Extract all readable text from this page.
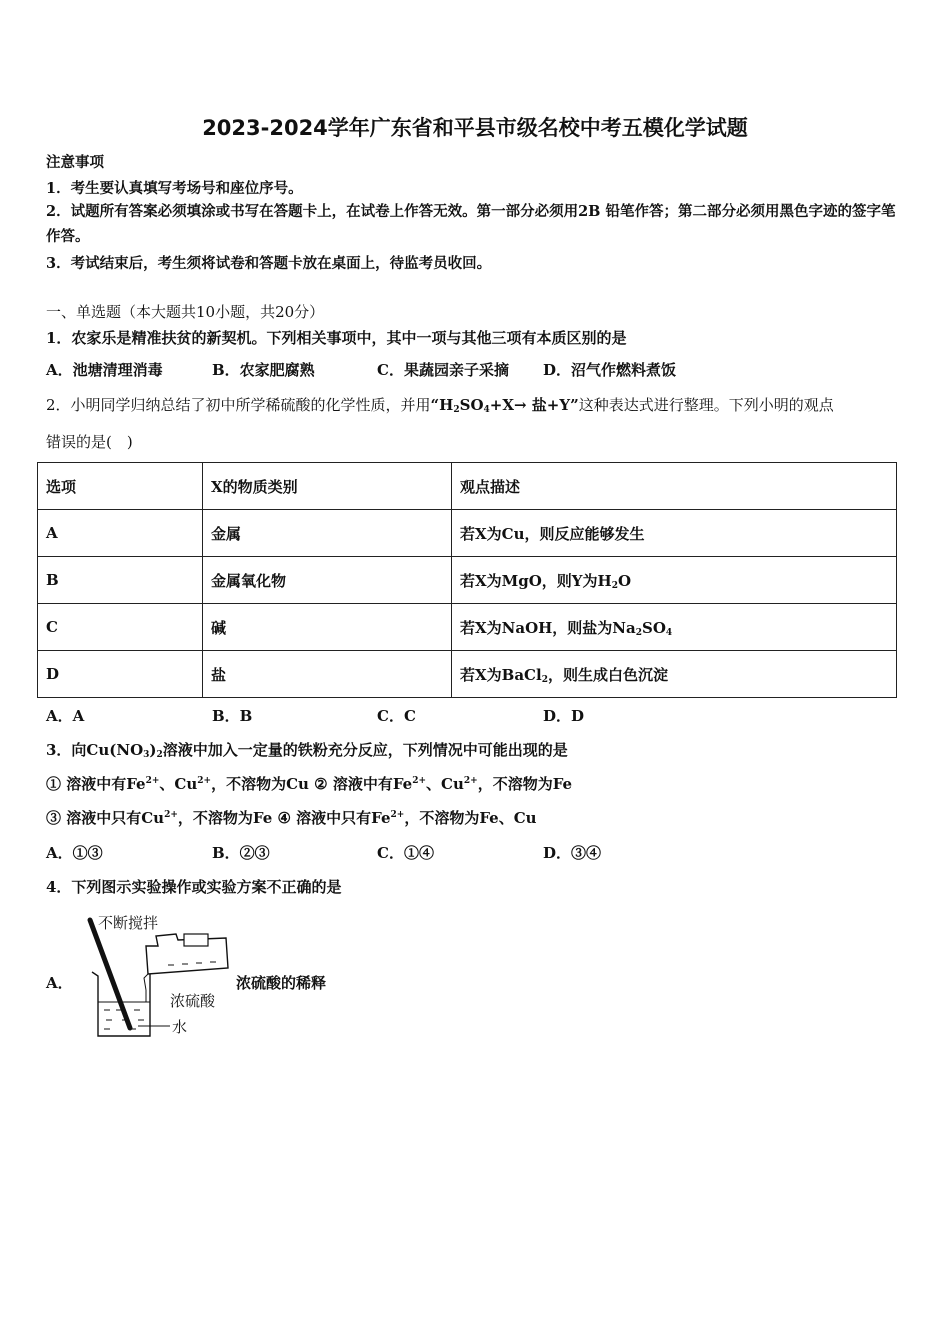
2023-2024学年广东省和平县市级名校中考五模化学试题
注意事项
1．考生要认真填写考场号和座位序号。
2．试题所有答案必须填涂或书写在答题卡上，在试卷上作答无效。第一部分必须用2B 铅笔作答；第二部分必须用黑色字迹的签字笔作答。
3．考试结束后，考生须将试卷和答题卡放在桌面上，待监考员收回。
一、单选题（本大题共10小题，共20分）
1．农家乐是精准扶贫的新契机。下列相关事项中，其中一项与其他三项有本质区别的是
A．池塘清理消毒	B．农家肥腐熟	C．果蔬园亲子采摘 D．沼气作燃料煮饭
2．小明同学归纳总结了初中所学稀硫酸的化学性质，并用“$H_2SO_4+X\to$ 盐+Y”这种表达式进行整理。下列小明的观点
错误的是(　)
选项	X的物质类别	观点描述
A	金属	若X为Cu，则反应能够发生
B	金属氧化物	若X为MgO，则Y为$H_2O$
C	碱	若X为NaOH，则盐为$Na_2SO_4$
D	盐	若X为BaCl$_2$，则生成白色沉淀
A．A	B．B	C．C	D．D
3．向$Cu(NO_3)_2$溶液中加入一定量的铁粉充分反应，下列情况中可能出现的是
① 溶液中有$Fe^{2+}$、$Cu^{2+}$，不溶物为Cu ② 溶液中有$Fe^{2+}$、$Cu^{2+}$，不溶物为Fe
③ 溶液中只有$Cu^{2+}$，不溶物为Fe ④ 溶液中只有$Fe^{2+}$，不溶物为Fe、Cu
A．①③	B．②③	C．①④	D．③④
4．下列图示实验操作或实验方案不正确的是
A．	浓硫酸的稀释
不断搅拌
浓硫酸
水
